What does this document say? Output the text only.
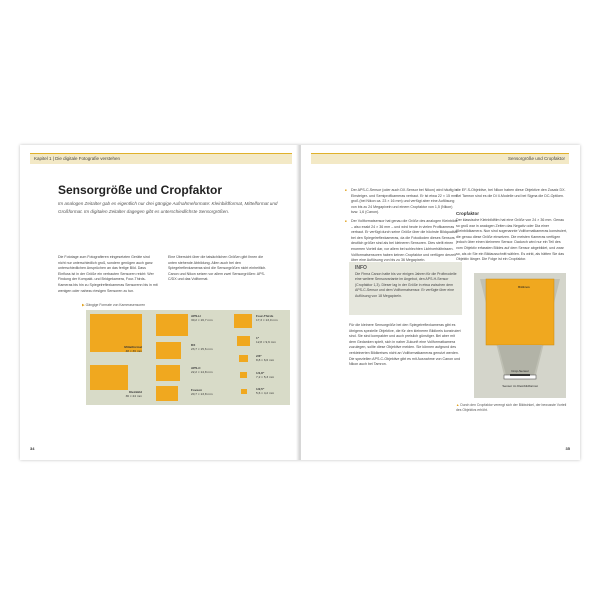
Kapitel 1 | Die digitale Fotografie verstehen
Sensorgröße und Cropfaktor
Im analogen Zeitalter gab es eigentlich nur drei gängige Aufnahmeformate: Kleinbildformat, Mittelformat und Großformat. Im digitalen Zeitalter dagegen gibt es unterschiedlichste Sensorgrößen.
Die Fototage zum Fotografieren eingesetzten Geräte sind nicht nur unterschiedlich groß, sondern genügen auch ganz unterschiedlichen Ansprüchen an das fertige Bild. Dass Einfluss ist in der Größe ein verbauten Sensoren reicht: Wer Findung der Kompakt- und Bridgekamera, Four-Thirds-Kameras bis hin zu Spiegelreflexkameras Sensorenn bis in mit wenigen oder nahezu riesigen Sensoren zu tun.
Eine Übersicht über die tatsächlichen Größen gibt Ihnen die unten stehende Abbildung. Allen auch bei den Spiegelreflexkameras sind die Sensorgrößen nicht einheitlich. Canon und Nikon setzen vor allem zwei Sensorgrößen: APS-C/DX und das Vollformat.
▶ Gängige Formate von Kamerasensoren
Mittelformat
48 × 36 mm
Kleinbild
36 × 24 mm
APS-H
30,2 × 16,7 mm
DX
23,7 × 15,6 mm
APS-C
22,2 × 14,8 mm
Foveon
20,7 × 13,8 mm
Four-Thirds
17,3 × 13,0 mm
1"
12,8 × 9,6 mm
2/3"
8,8 × 6,6 mm
1/1,8"
7,2 × 5,3 mm
1/2,5"
5,6 × 4,2 mm
34
Sensorgröße und Cropfaktor
■ Der APS-C-Sensor (oder auch DX-Sensor bei Nikon) wird häufig in Einsteiger- und Semiprofikameras verbaut. Er ist etwa 22 × 15 mm groß (bei Nikon ca. 23 × 16 mm) und verfügt aber eine Auflösung von bis zu 24 Megapixeln und einem Cropfaktor von 1,5 (Nikon) bzw. 1,6 (Canon).
■ Der Vollformatsensor hat genau die Größe des analogen Kleinbilds – also exakt 24 × 36 mm – und wird heute in vielen Profikameras verbaut. Er verfügt durch seine Größe über die höchste Bildqualität bei den Spiegelreflexkameras, da die Fotodioden dieses Sensors deutlich größer sind als bei kleineren Sensoren. Dies stellt einen enormen Vorteil dar, vor allem bei schlechten Lichtverhältnissen. Vollformatsensoren haben keinen Cropfaktor und verfügen derzeit über eine Auflösung von bis zu 36 Megapixeln.
INFO
Die Firma Canon hatte bis vor einigen Jahren für die Profimodelle eine weitere Sensorvariante im Angebot, den APS-H-Sensor (Cropfaktor 1,3). Dieser lag in der Größe in etwa zwischen dem APS-C-Sensor und dem Vollformatsensor. Er verfügte über eine Auflösung von 18 Megapixeln.
Für die kleinere Sensorgröße bei den Spiegelreflexkameras gibt es übrigens spezielle Objektive, die für den kleineren Bildkreis konstruiert sind. Sie sind kompakter und auch preislich günstiger. Bei aber mit dem Gedanken spielt, sich in naher Zukunft eine Vollformatkamera zuzulegen, sollte diese Objektive meiden. Sie können aufgrund des verkleinerten Bildkreises nicht an Vollformatkameras genutzt werden. Die speziellen APS-C-Objektive gibt es mit Ausnahme von Canon und Nikon auch bei Tamron.
die EF-S-Objektive, bei Nikon haben diese Objektive den Zusatz DX. Bei Tamron sind es die Di II-Modelle und bei Sigma die DC-Optiken.
Cropfaktor
Der klassische Kleinbildfilm hat eine Größe von 24 × 36 mm. Genau so groß war in analogen Zeiten das Negativ oder Dia einer Kleinbildkamera. Nun sind sogenannte Vollformatkameras konstruiert, die genau diese Größe einsetzen. Die meisten Kameras verfügen jedoch über einen kleineren Sensor. Dadurch wird nur ein Teil des vom Objektiv erfassten Bildes auf dem Sensor abgebildet, und zwar so, als ob Sie ein Bildausschnitt wählen. Es wirkt, als hätten Sie das Objektiv länger. Die Folge ist ein Cropfaktor.
Bildkreis
Crop-Sensor
Sensor im Kleinbildformat
▲ Durch den Cropfaktor verengt sich der Bildwinkel, der bewusste Vorteil des Objektivs erhöht.
35
